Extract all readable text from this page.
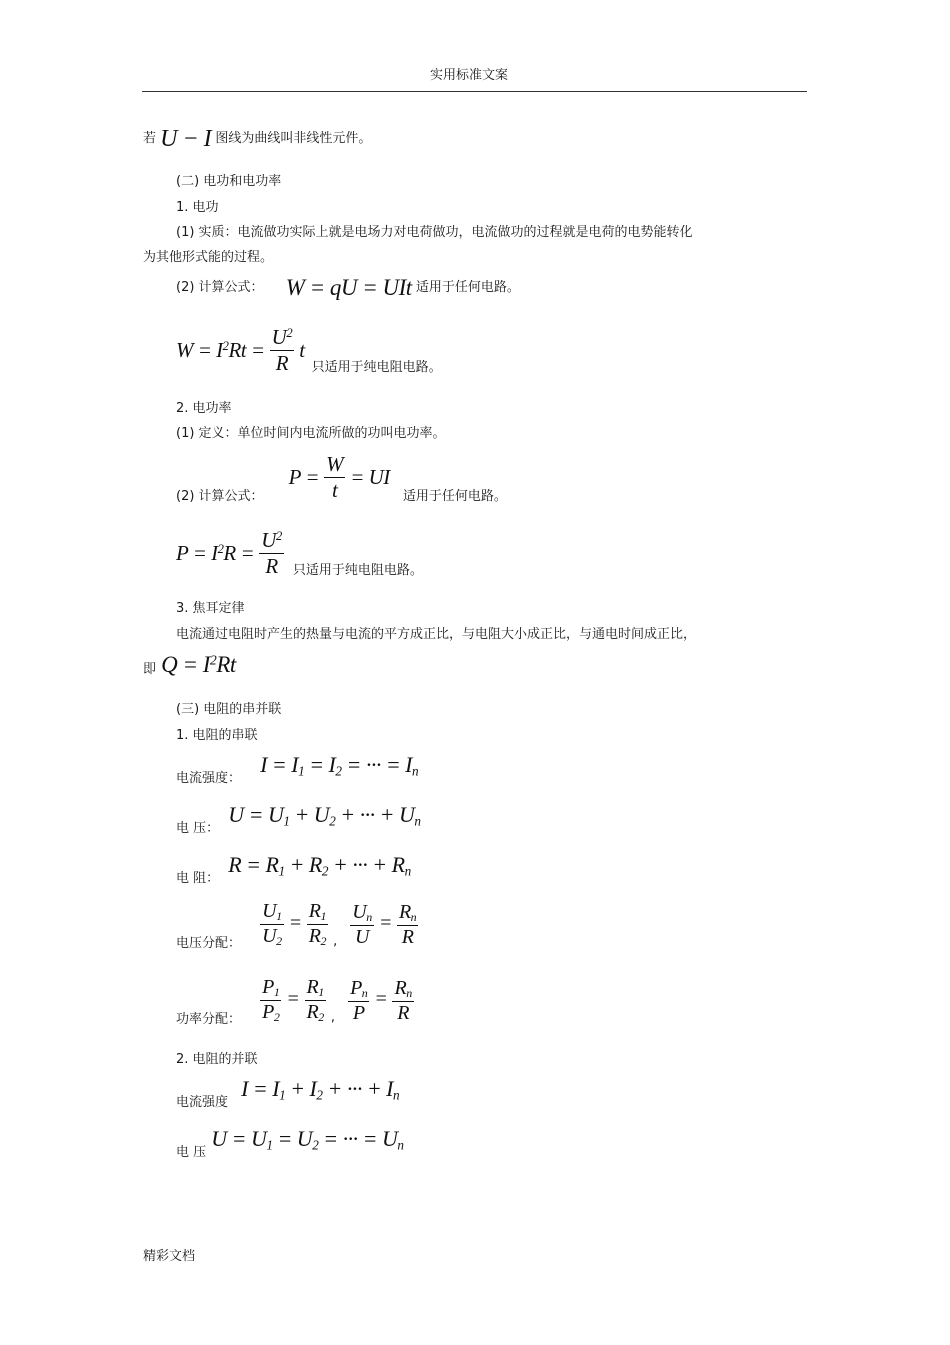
实用标准文案
若 U − I 图线为曲线叫非线性元件。
(二) 电功和电功率
1. 电功
(1) 实质：电流做功实际上就是电场力对电荷做功，电流做功的过程就是电荷的电势能转化
为其他形式能的过程。
(2) 计算公式： W = qU = UIt 适用于任何电路。
$W = I^2Rt = \frac{U^2}{R}$ t $_{只适用于纯电阻电路。}$
2. 电功率
(1) 定义：单位时间内电流所做的功叫电功率。
$_{(2) 计算公式:}$ $P = \frac{W}{t}$ = UI $_{适用于任何电路。}$
$P = I^2R = \frac{U^2}{R} _{只适用于纯电阻电路。}$
3. 焦耳定律
电流通过电阻时产生的热量与电流的平方成正比，与电阻大小成正比，与通电时间成正比，
即 $Q = I^2Rt$
(三) 电阻的串并联
1. 电阻的串联
$_{电流强度:}$ $I = I_1 = I_2$ = ··· = $I_n$
$_{电 压:}$ $U = U_1 + U_2$ + ··· + $U_n$
$_{电 阻:}$ $R = R_1 + R_2$ + ··· + $R_n$
$_{电压分配:} \frac{U_1}{U_2} = \frac{R_1}{R_2} _, \frac{U_n}{U} = \frac{R_n}{R}$
$_{功率分配:} \frac{P_1}{P_2} = \frac{R_1}{R_2} _, \frac{P_n}{P} = \frac{R_n}{R}$
2. 电阻的并联
$_{电流强度}$ $I = I_1 + I_2$ + ··· + $I_n$
$_{电 压}$ $U = U_1 = U_2$ = ··· = $U_n$
精彩文档
